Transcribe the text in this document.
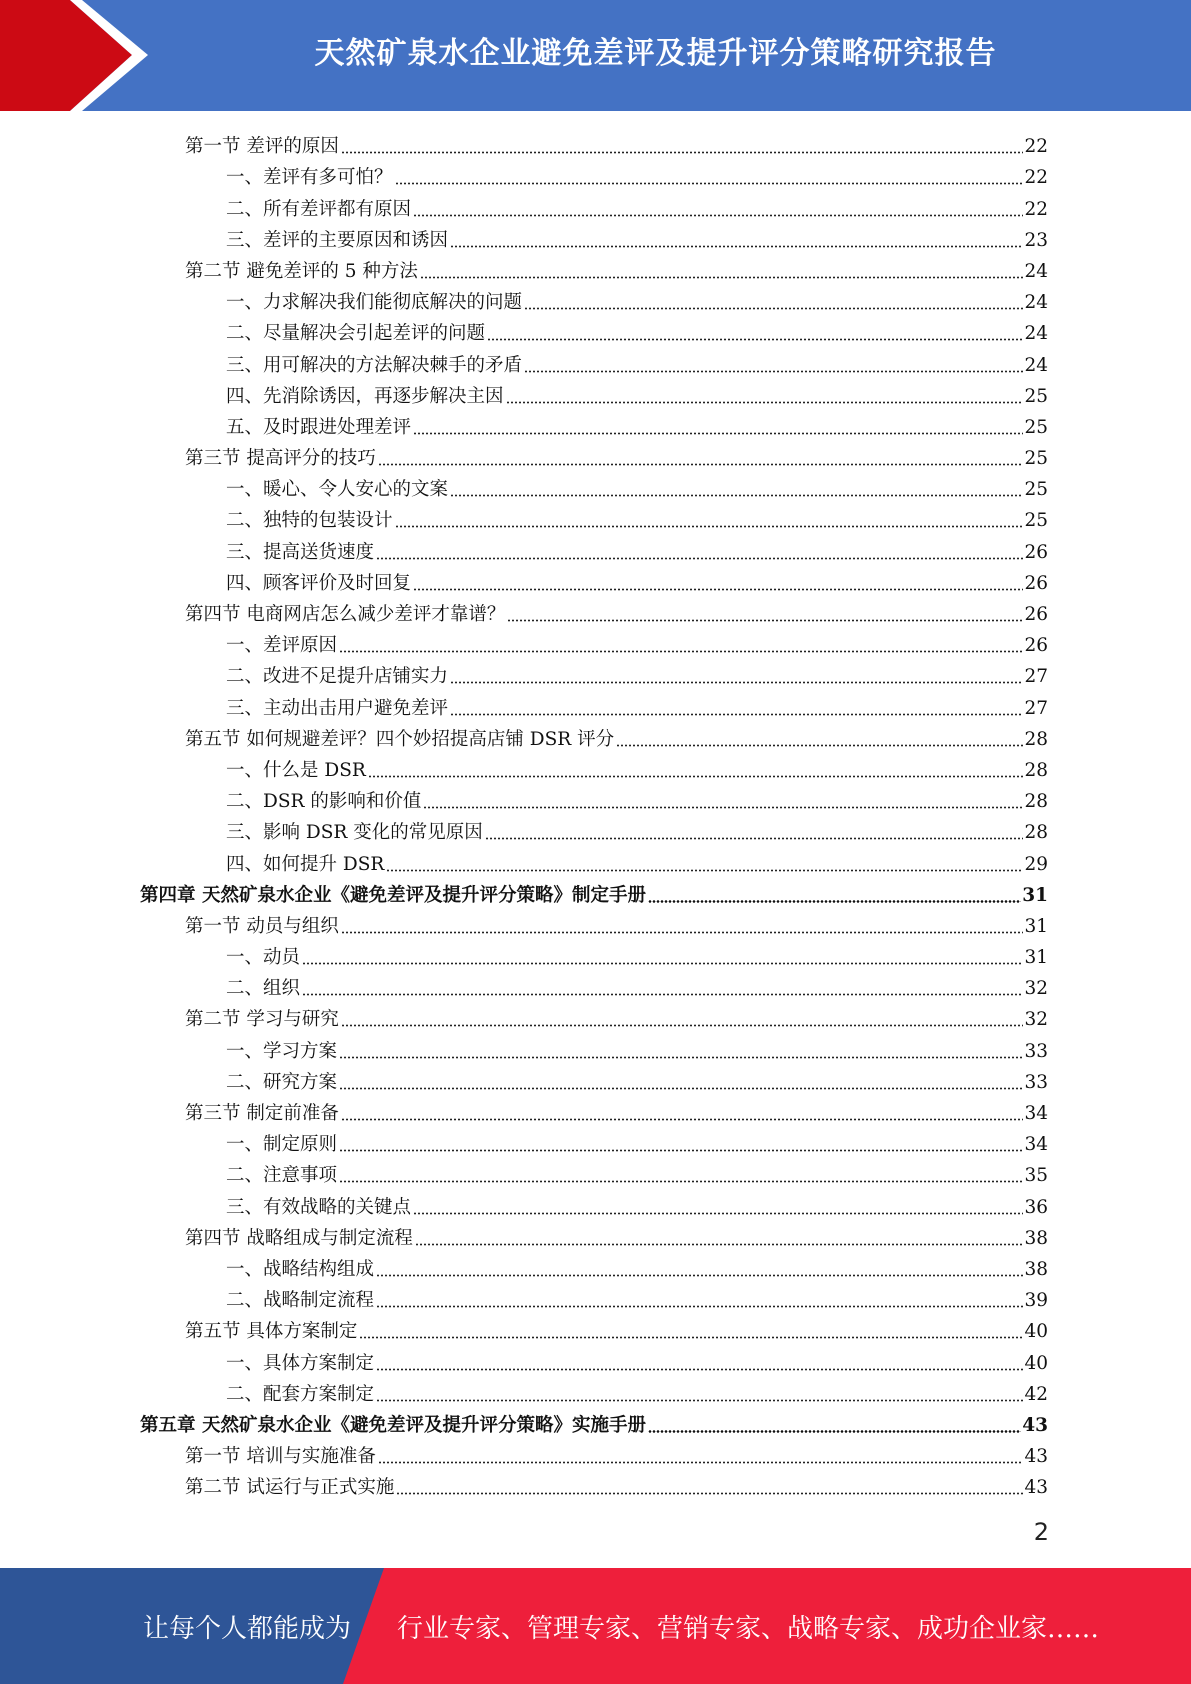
天然矿泉水企业避免差评及提升评分策略研究报告
第一节 差评的原因	22
一、差评有多可怕？	22
二、所有差评都有原因	22
三、差评的主要原因和诱因	23
第二节 避免差评的 5 种方法	24
一、力求解决我们能彻底解决的问题	24
二、尽量解决会引起差评的问题	24
三、用可解决的方法解决棘手的矛盾	24
四、先消除诱因，再逐步解决主因	25
五、及时跟进处理差评	25
第三节 提高评分的技巧	25
一、暖心、令人安心的文案	25
二、独特的包装设计	25
三、提高送货速度	26
四、顾客评价及时回复	26
第四节 电商网店怎么减少差评才靠谱？	26
一、差评原因	26
二、改进不足提升店铺实力	27
三、主动出击用户避免差评	27
第五节 如何规避差评？四个妙招提高店铺 DSR 评分	28
一、什么是 DSR	28
二、DSR 的影响和价值	28
三、影响 DSR 变化的常见原因	28
四、如何提升 DSR	29
第四章 天然矿泉水企业《避免差评及提升评分策略》制定手册	31
第一节 动员与组织	31
一、动员	31
二、组织	32
第二节 学习与研究	32
一、学习方案	33
二、研究方案	33
第三节 制定前准备	34
一、制定原则	34
二、注意事项	35
三、有效战略的关键点	36
第四节 战略组成与制定流程	38
一、战略结构组成	38
二、战略制定流程	39
第五节 具体方案制定	40
一、具体方案制定	40
二、配套方案制定	42
第五章 天然矿泉水企业《避免差评及提升评分策略》实施手册	43
第一节 培训与实施准备	43
第二节 试运行与正式实施	43
2
让每个人都能成为 行业专家、管理专家、营销专家、战略专家、成功企业家……
